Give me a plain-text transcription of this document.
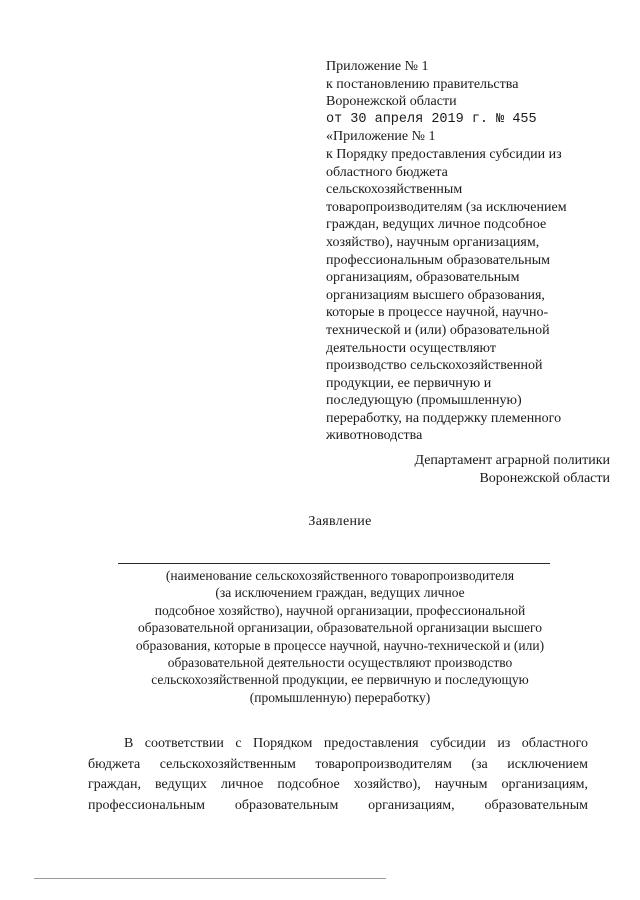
Приложение № 1
к постановлению правительства
Воронежской области
от 30 апреля 2019 г. № 455
«Приложение № 1
к Порядку предоставления субсидии из
областного бюджета
сельскохозяйственным
товаропроизводителям (за исключением
граждан, ведущих личное подсобное
хозяйство), научным организациям,
профессиональным образовательным
организациям, образовательным
организациям высшего образования,
которые в процессе научной, научно-
технической и (или) образовательной
деятельности осуществляют
производство сельскохозяйственной
продукции, ее первичную и
последующую (промышленную)
переработку, на поддержку племенного
животноводства
Департамент аграрной политики
Воронежской области
Заявление
(наименование сельскохозяйственного товаропроизводителя
(за исключением граждан, ведущих личное
подсобное хозяйство), научной организации, профессиональной
образовательной организации, образовательной организации высшего
образования, которые в процессе научной, научно-технической и (или)
образовательной деятельности осуществляют производство
сельскохозяйственной продукции, ее первичную и последующую
(промышленную) переработку)
В соответствии с Порядком предоставления субсидии из областного
бюджета сельскохозяйственным товаропроизводителям (за исключением
граждан, ведущих личное подсобное хозяйство), научным организациям,
профессиональным образовательным организациям, образовательным
